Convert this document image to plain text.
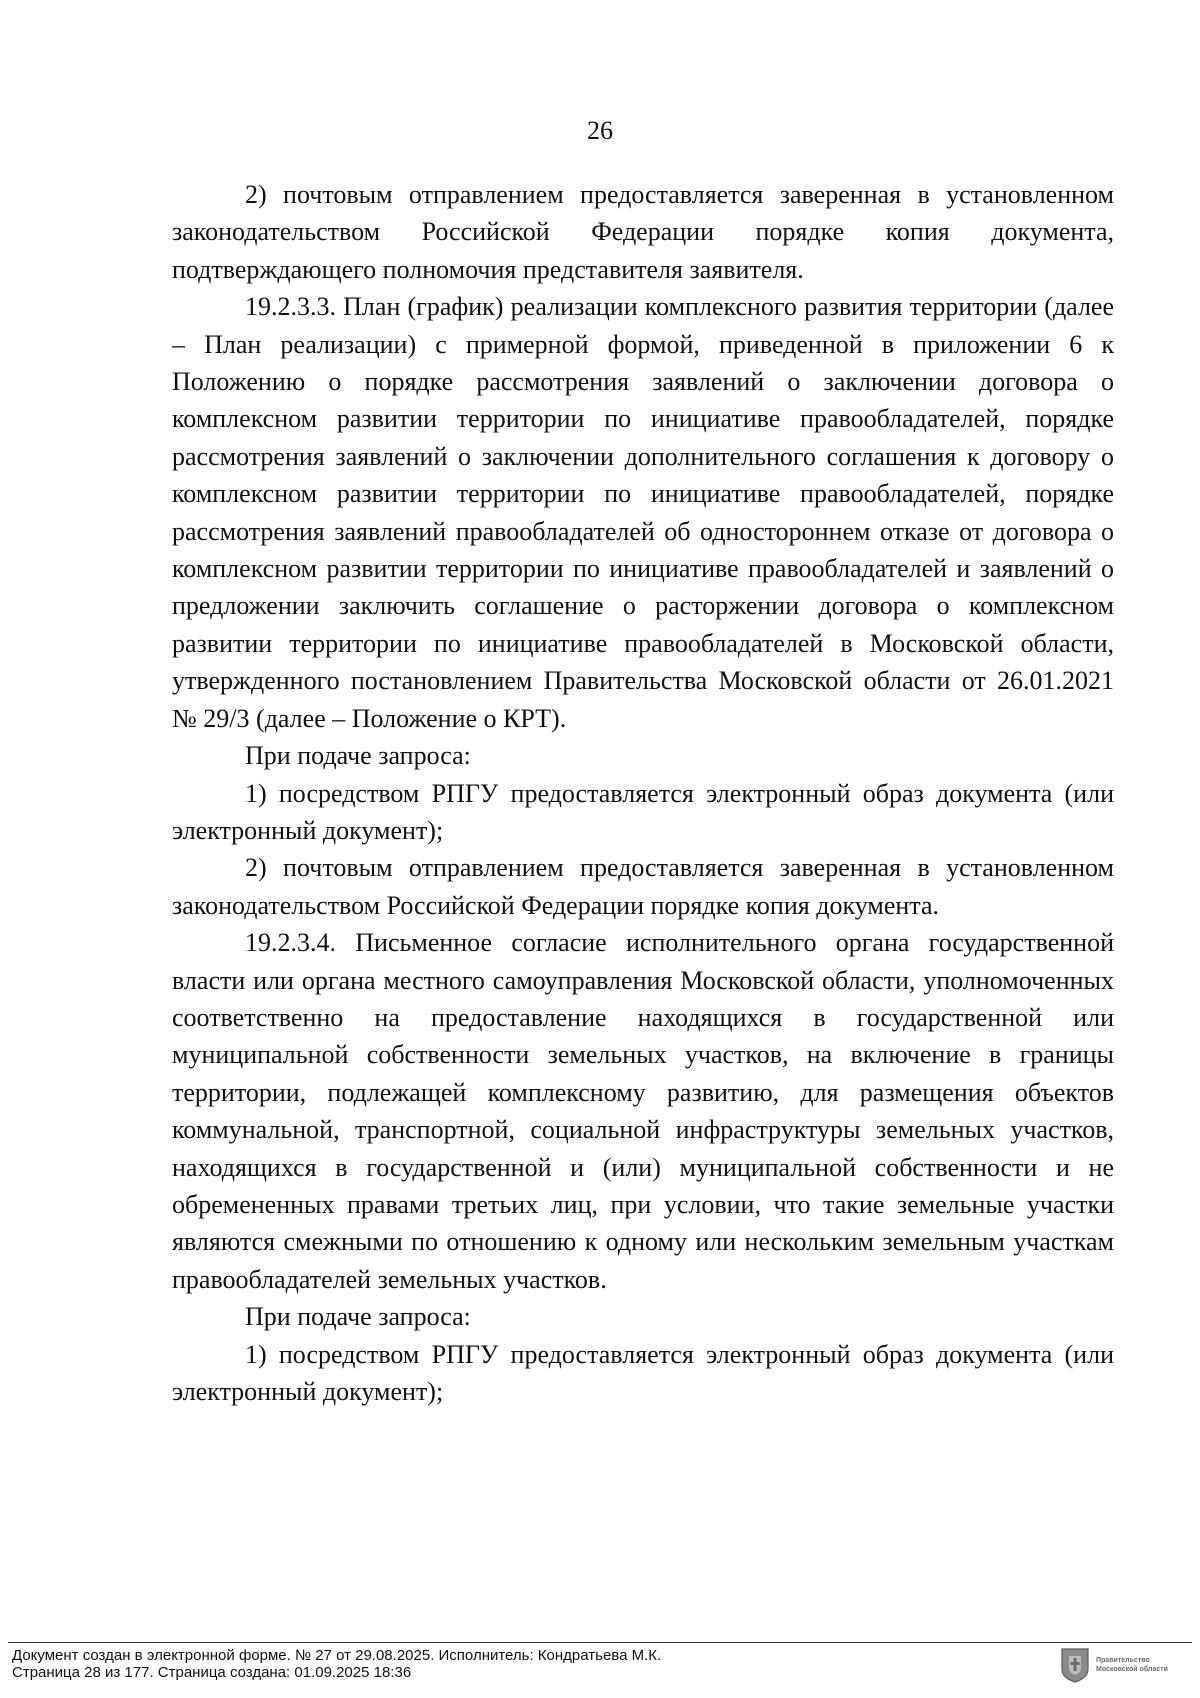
26

2) почтовым отправлением предоставляется заверенная в установленном законодательством Российской Федерации порядке копия документа, подтверждающего полномочия представителя заявителя.

19.2.3.3. План (график) реализации комплексного развития территории (далее – План реализации) с примерной формой, приведенной в приложении 6 к Положению о порядке рассмотрения заявлений о заключении договора о комплексном развитии территории по инициативе правообладателей, порядке рассмотрения заявлений о заключении дополнительного соглашения к договору о комплексном развитии территории по инициативе правообладателей, порядке рассмотрения заявлений правообладателей об одностороннем отказе от договора о комплексном развитии территории по инициативе правообладателей и заявлений о предложении заключить соглашение о расторжении договора о комплексном развитии территории по инициативе правообладателей в Московской области, утвержденного постановлением Правительства Московской области от 26.01.2021 № 29/3 (далее – Положение о КРТ).

При подаче запроса:

1) посредством РПГУ предоставляется электронный образ документа (или электронный документ);

2) почтовым отправлением предоставляется заверенная в установленном законодательством Российской Федерации порядке копия документа.

19.2.3.4. Письменное согласие исполнительного органа государственной власти или органа местного самоуправления Московской области, уполномоченных соответственно на предоставление находящихся в государственной или муниципальной собственности земельных участков, на включение в границы территории, подлежащей комплексному развитию, для размещения объектов коммунальной, транспортной, социальной инфраструктуры земельных участков, находящихся в государственной и (или) муниципальной собственности и не обремененных правами третьих лиц, при условии, что такие земельные участки являются смежными по отношению к одному или нескольким земельным участкам правообладателей земельных участков.

При подаче запроса:

1) посредством РПГУ предоставляется электронный образ документа (или электронный документ);

Документ создан в электронной форме. № 27 от 29.08.2025. Исполнитель: Кондратьева М.К.
Страница 28 из 177. Страница создана: 01.09.2025 18:36
Правительство
Московской области
